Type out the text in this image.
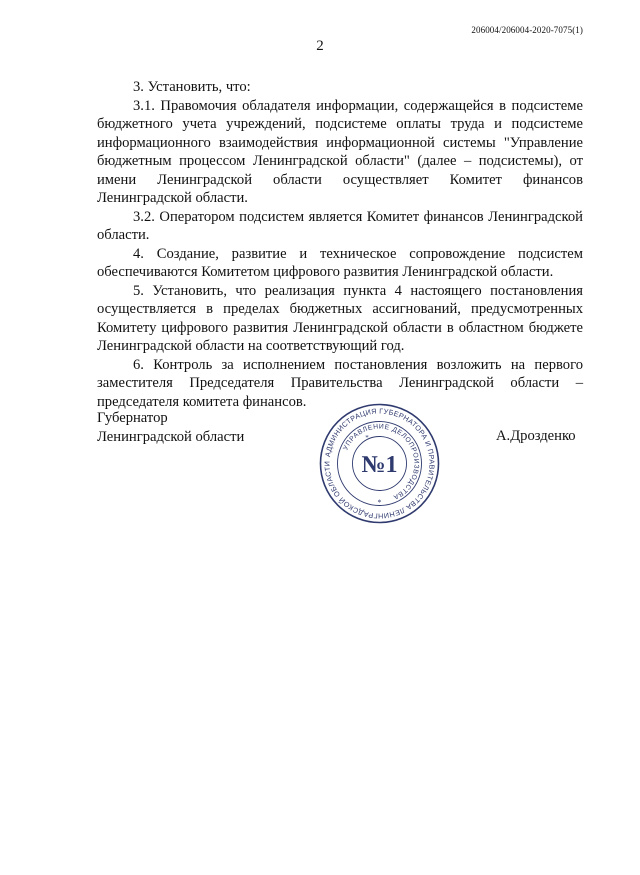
206004/206004-2020-7075(1)
2

3. Установить, что:

3.1. Правомочия обладателя информации, содержащейся в подсистеме бюджетного учета учреждений, подсистеме оплаты труда и подсистеме информационного взаимодействия информационной системы "Управление бюджетным процессом Ленинградской области" (далее – подсистемы), от имени Ленинградской области осуществляет Комитет финансов Ленинградской области.

3.2. Оператором подсистем является Комитет финансов Ленинградской области.

4. Создание, развитие и техническое сопровождение подсистем обеспечиваются Комитетом цифрового развития Ленинградской области.

5. Установить, что реализация пункта 4 настоящего постановления осуществляется в пределах бюджетных ассигнований, предусмотренных Комитету цифрового развития Ленинградской области в областном бюджете Ленинградской области на соответствующий год.

6. Контроль за исполнением постановления возложить на первого заместителя Председателя Правительства Ленинградской области – председателя комитета финансов.

Губернатор
Ленинградской области	А.Дрозденко
АДМИНИСТРАЦИЯ ГУБЕРНАТОРА И ПРАВИТЕЛЬСТВА ЛЕНИНГРАДСКОЙ ОБЛАСТИ
УПРАВЛЕНИЕ ДЕЛОПРОИЗВОДСТВА
№1
*
*
